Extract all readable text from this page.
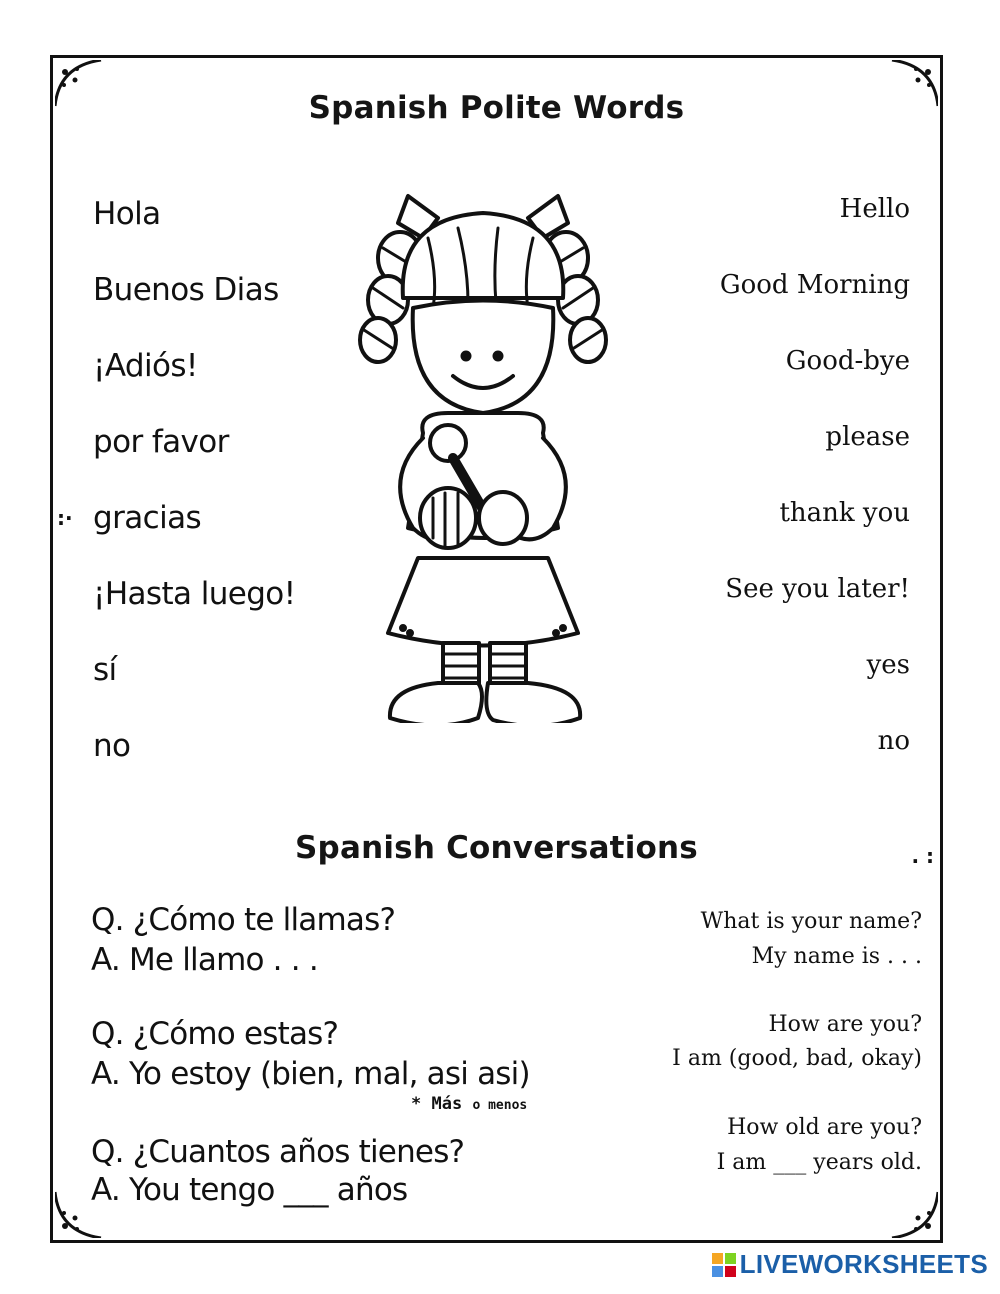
Spanish Polite Words
Hola
Buenos Dias
¡Adiós!
por favor
gracias
¡Hasta luego!
sí
no
Hello
Good Morning
Good-bye
please
thank you
See you later!
yes
no
:·
. :
Spanish Conversations
Q. ¿Cómo te llamas?
A. Me llamo . . .
What is your name?
My name is . . .
Q. ¿Cómo estas?
A. Yo estoy (bien, mal, asi asi)
How are you?
I am (good, bad, okay)
* Más o menos
Q. ¿Cuantos años tienes?
A. You tengo ___ años
How old are you?
I am ___ years old.
LIVEWORKSHEETS
